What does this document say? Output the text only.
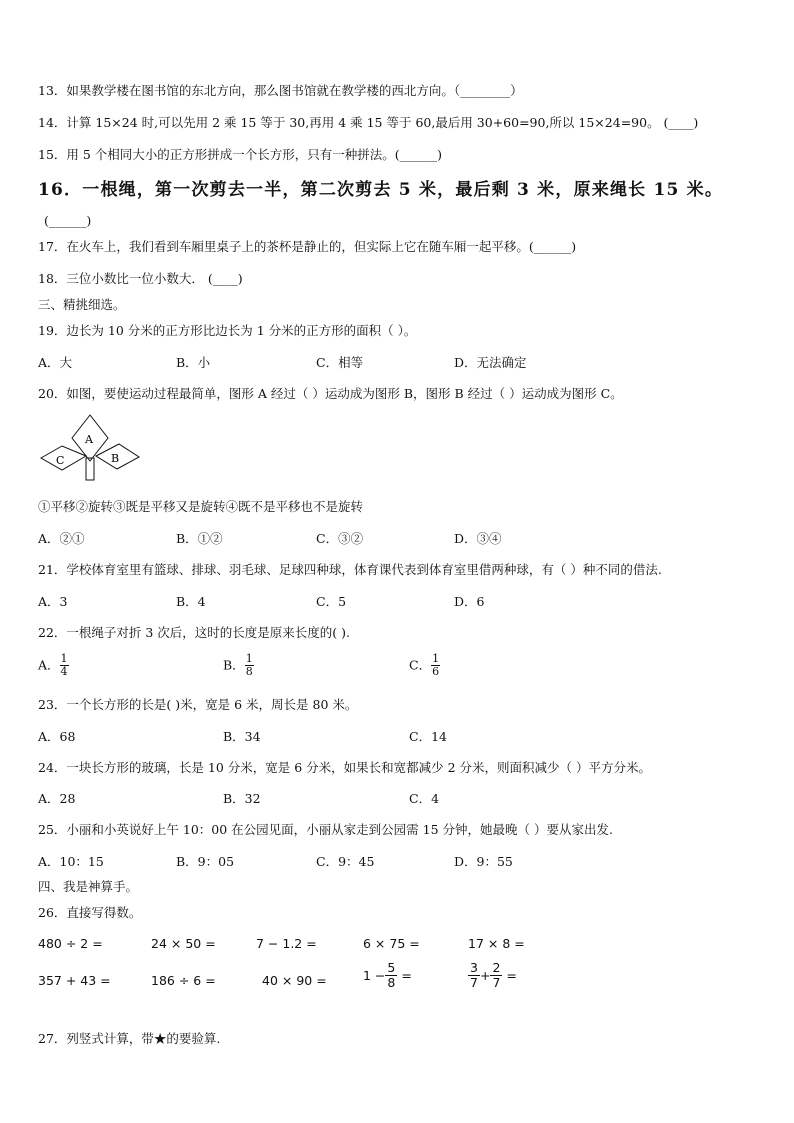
13．如果教学楼在图书馆的东北方向，那么图书馆就在教学楼的西北方向。（________）
14．计算 15×24 时,可以先用 2 乘 15 等于 30,再用 4 乘 15 等于 60,最后用 30+60=90,所以 15×24=90。 (____)
15．用 5 个相同大小的正方形拼成一个长方形，只有一种拼法。(______)
16．一根绳，第一次剪去一半，第二次剪去 5 米，最后剩 3 米，原来绳长 15 米。
(______)
17．在火车上，我们看到车厢里桌子上的茶杯是静止的，但实际上它在随车厢一起平移。(______)
18．三位小数比一位小数大． (____)
三、精挑细选。
19．边长为 10 分米的正方形比边长为 1 分米的正方形的面积（ ）。
A．大	B．小	C．相等	D．无法确定
20．如图，要使运动过程最简单，图形 A 经过（ ）运动成为图形 B，图形 B 经过（ ）运动成为图形 C。
A
C	B
①平移②旋转③既是平移又是旋转④既不是平移也不是旋转
A．②①	B．①②	C．③②	D．③④
21．学校体育室里有篮球、排球、羽毛球、足球四种球，体育课代表到体育室里借两种球，有（ ）种不同的借法.
A．3	B．4	C．5	D．6
22．一根绳子对折 3 次后，这时的长度是原来长度的( ).
A． $\frac{1}{4}$	B． $\frac{1}{8}$	C． $\frac{1}{6}$
23．一个长方形的长是( )米，宽是 6 米，周长是 80 米。
A．68	B．34	C．14
24．一块长方形的玻璃，长是 10 分米，宽是 6 分米，如果长和宽都减少 2 分米，则面积减少（ ）平方分米。
A．28	B．32	C．4
25．小丽和小英说好上午 10：00 在公园见面，小丽从家走到公园需 15 分钟，她最晚（ ）要从家出发.
A．10：15	B．9：05	C．9：45	D．9：55
四、我是神算手。
26．直接写得数。
480 ÷ 2 =	24 × 50 =	7 − 1.2 =	6 × 75 =	17 × 8 =
357 + 43 =	186 ÷ 6 =	40 × 90 =	$1 - \frac{5}{8}$ =	$\frac{3}{7} + \frac{2}{7}$ =
27．列竖式计算，带★的要验算.
